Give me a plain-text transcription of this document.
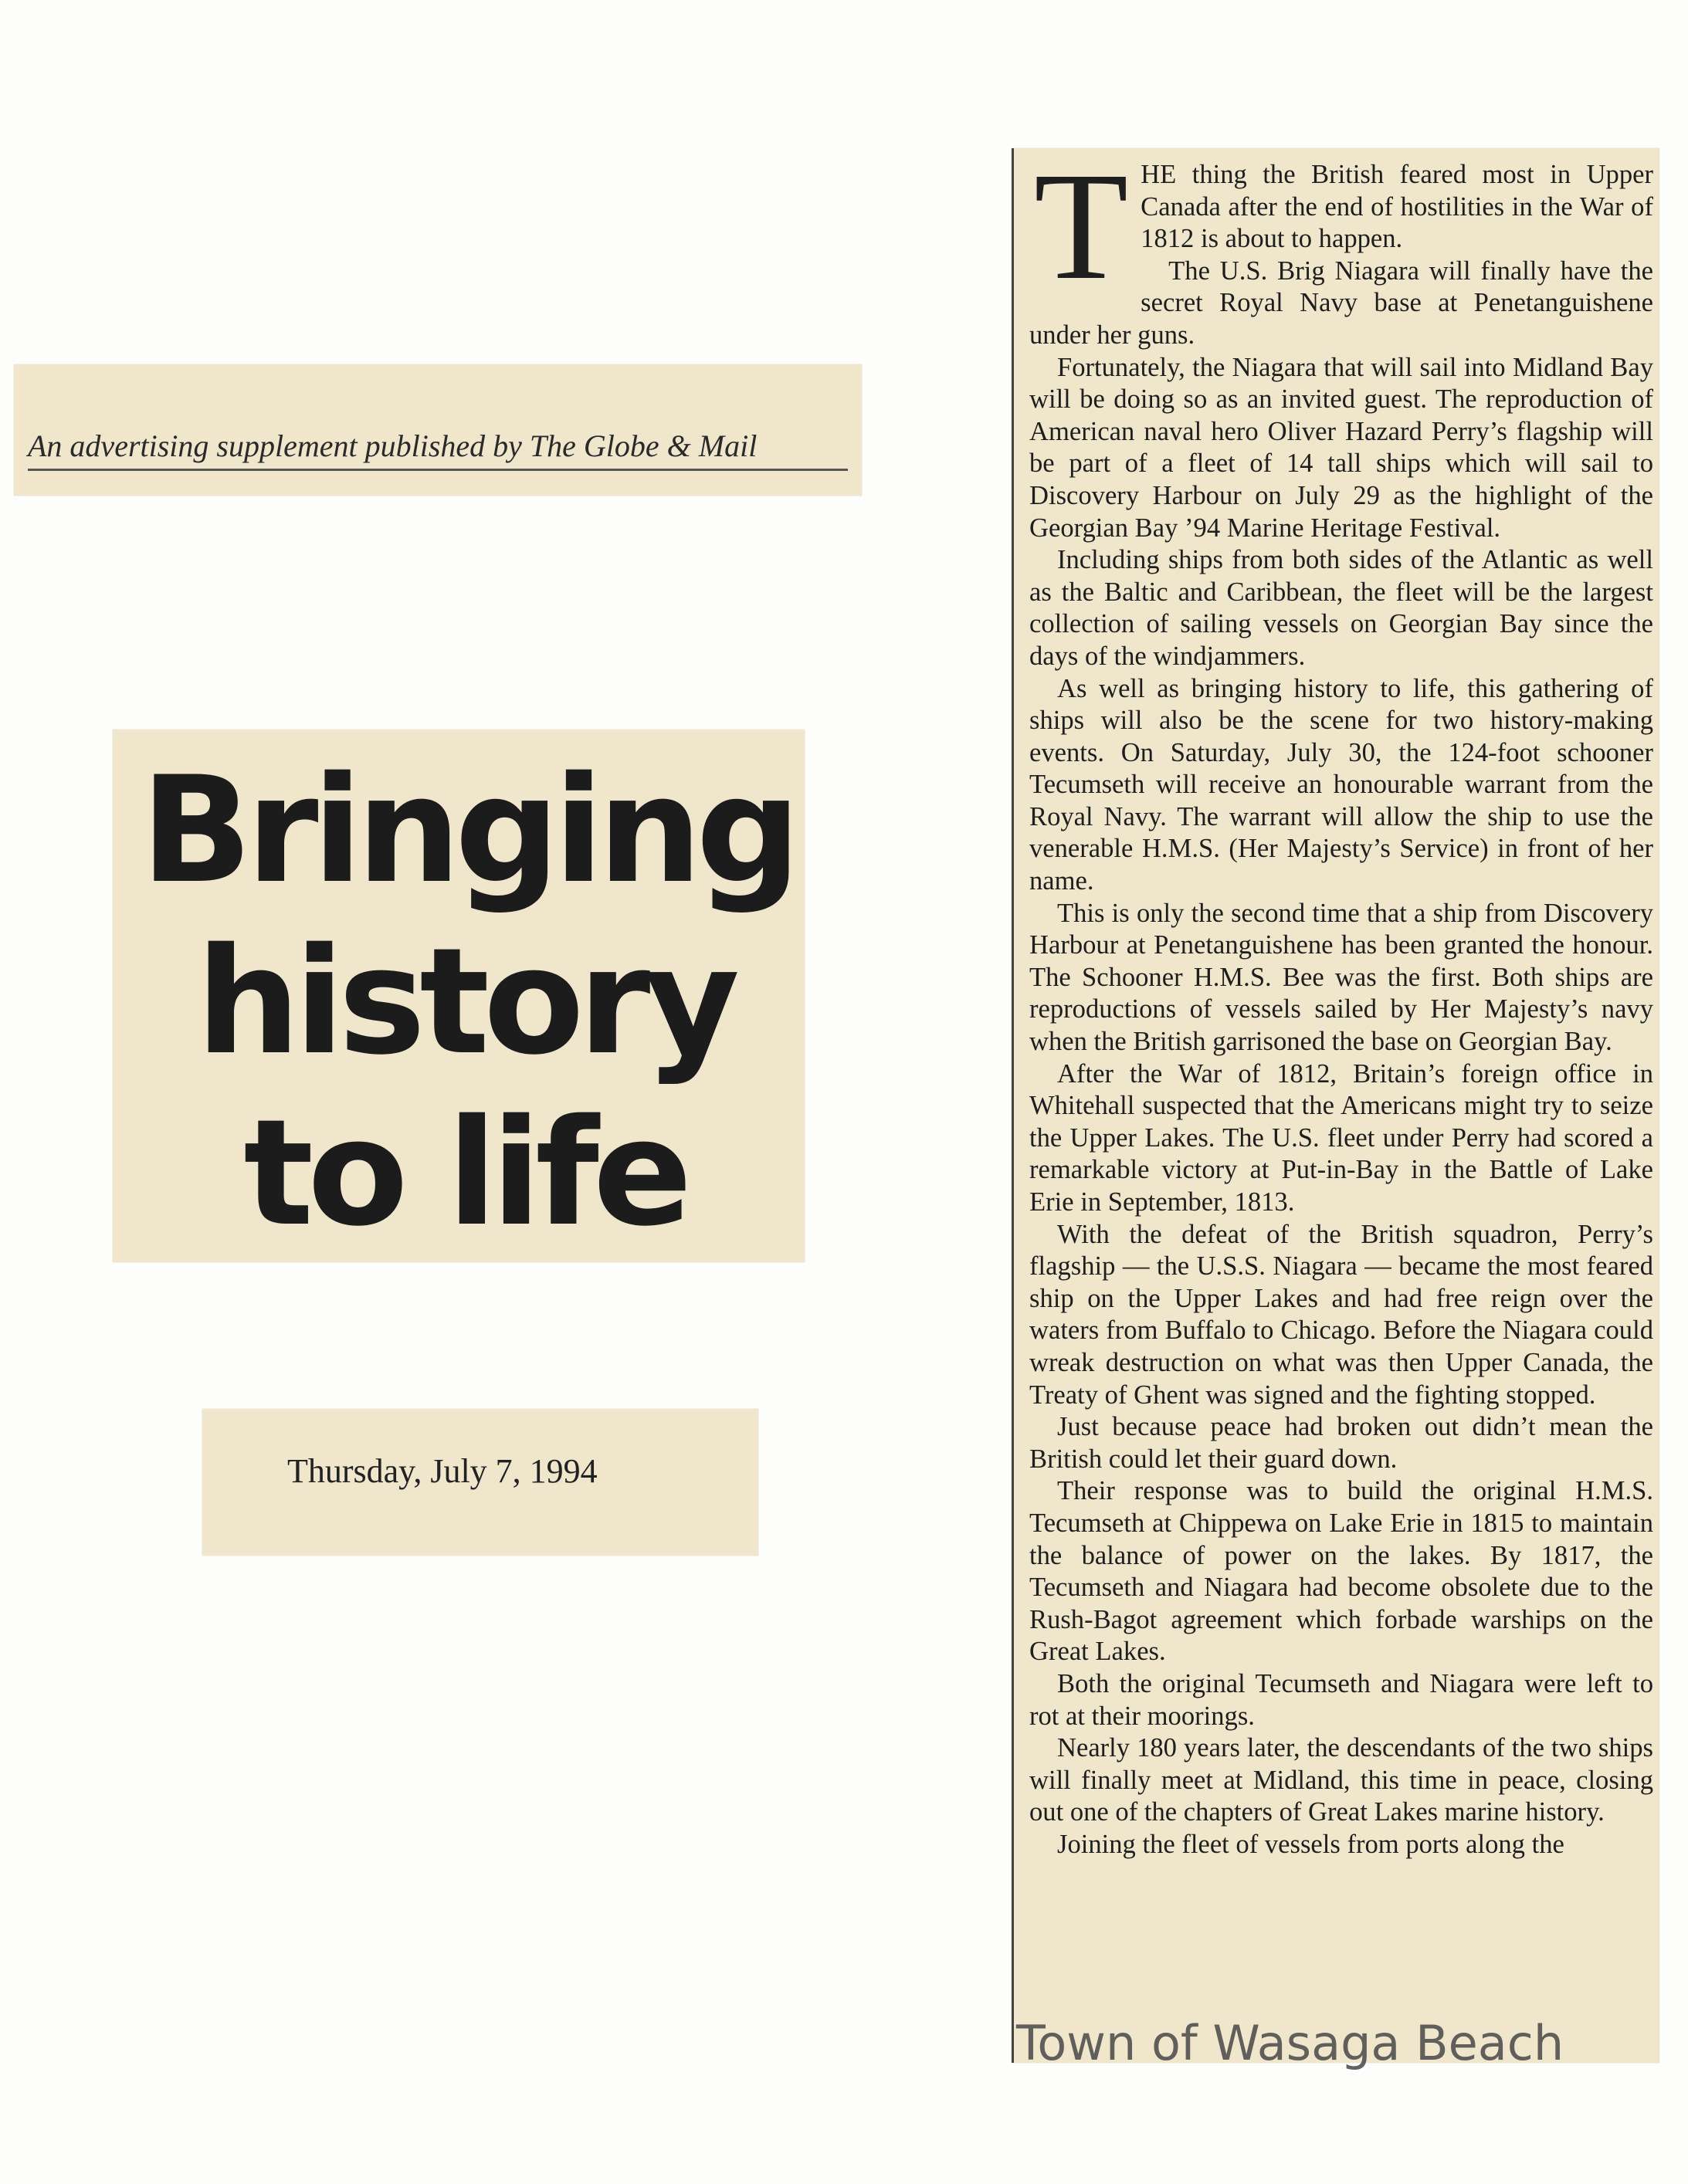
An advertising supplement published by The Globe & Mail
Bringing
history
to life
Thursday, July 7, 1994

THE thing the British feared most in Upper Canada after the end of hostilities in the War of 1812 is about to happen.

The U.S. Brig Niagara will finally have the secret Royal Navy base at Penetanguishene under her guns.

Fortunately, the Niagara that will sail into Midland Bay will be doing so as an invited guest. The reproduction of American naval hero Oliver Hazard Perry’s flagship will be part of a fleet of 14 tall ships which will sail to Discovery Harbour on July 29 as the highlight of the Georgian Bay ’94 Marine Heritage Festival.

Including ships from both sides of the Atlantic as well as the Baltic and Caribbean, the fleet will be the largest collection of sailing vessels on Georgian Bay since the days of the windjammers.

As well as bringing history to life, this gathering of ships will also be the scene for two history-making events. On Saturday, July 30, the 124-foot schooner Tecumseth will receive an honourable warrant from the Royal Navy. The warrant will allow the ship to use the venerable H.M.S. (Her Majesty’s Service) in front of her name.

This is only the second time that a ship from Discovery Harbour at Penetanguishene has been granted the honour. The Schooner H.M.S. Bee was the first. Both ships are reproductions of vessels sailed by Her Majesty’s navy when the British garrisoned the base on Georgian Bay.

After the War of 1812, Britain’s foreign office in Whitehall suspected that the Americans might try to seize the Upper Lakes. The U.S. fleet under Perry had scored a remarkable victory at Put-in-Bay in the Battle of Lake Erie in September, 1813.

With the defeat of the British squadron, Perry’s flagship — the U.S.S. Niagara — became the most feared ship on the Upper Lakes and had free reign over the waters from Buffalo to Chicago. Before the Niagara could wreak destruction on what was then Upper Canada, the Treaty of Ghent was signed and the fighting stopped.

Just because peace had broken out didn’t mean the British could let their guard down.

Their response was to build the original H.M.S. Tecumseth at Chippewa on Lake Erie in 1815 to maintain the balance of power on the lakes. By 1817, the Tecumseth and Niagara had become obsolete due to the Rush-Bagot agreement which forbade warships on the Great Lakes.

Both the original Tecumseth and Niagara were left to rot at their moorings.

Nearly 180 years later, the descendants of the two ships will finally meet at Midland, this time in peace, closing out one of the chapters of Great Lakes marine history.

Joining the fleet of vessels from ports along the

Town of Wasaga Beach
